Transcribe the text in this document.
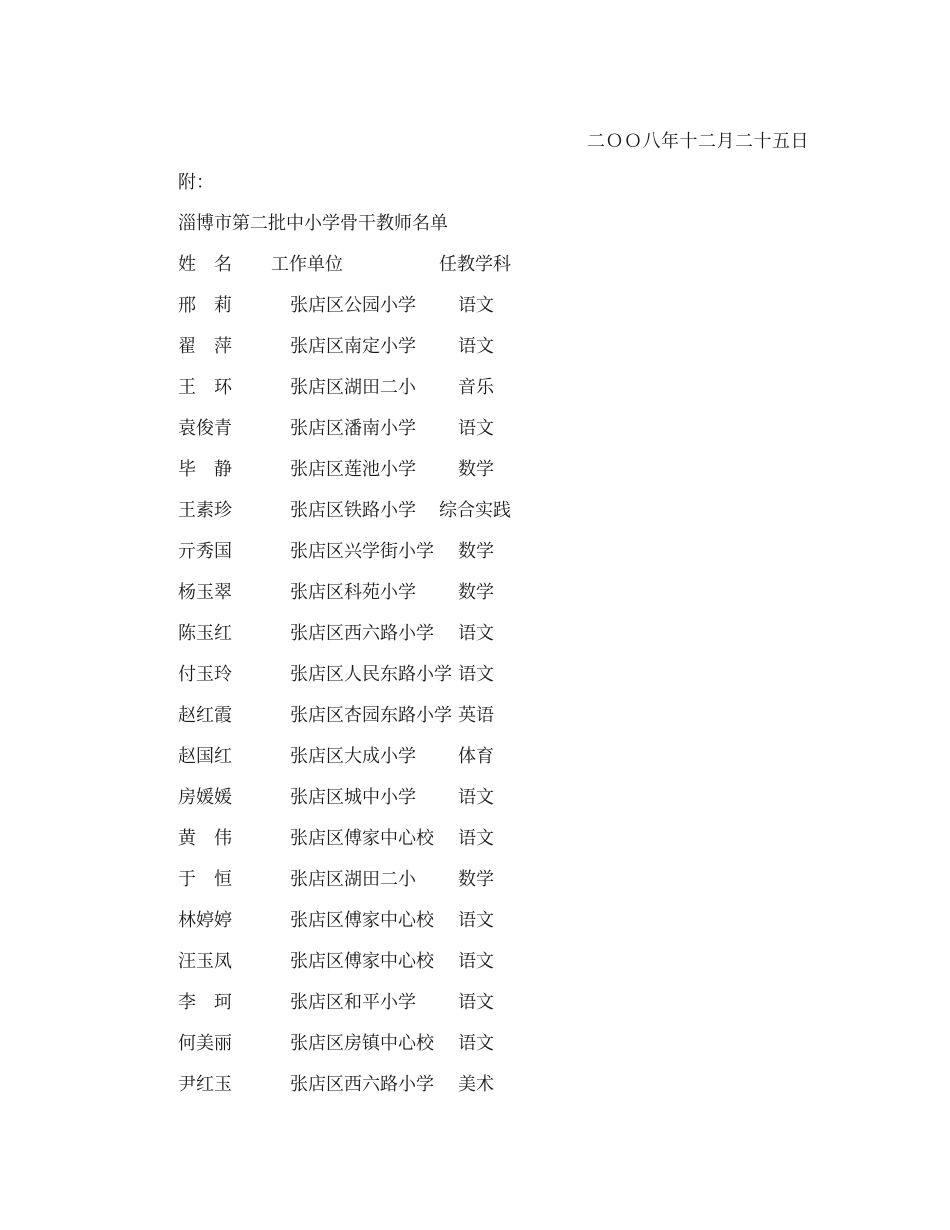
二ＯＯ八年十二月二十五日
附：
淄博市第二批中小学骨干教师名单
姓　名 工作单位	任教学科
邢　莉	张店区公园小学 语文
翟　萍	张店区南定小学 语文
王　环	张店区湖田二小 音乐
袁俊青	张店区潘南小学 语文
毕　静	张店区莲池小学 数学
王素珍	张店区铁路小学 综合实践
亓秀国	张店区兴学街小学 数学
杨玉翠	张店区科苑小学 数学
陈玉红	张店区西六路小学 语文
付玉玲	张店区人民东路小学 语文
赵红霞	张店区杏园东路小学 英语
赵国红	张店区大成小学 体育
房媛媛	张店区城中小学 语文
黄　伟	张店区傅家中心校 语文
于　恒	张店区湖田二小 数学
林婷婷	张店区傅家中心校 语文
汪玉凤	张店区傅家中心校 语文
李　珂	张店区和平小学 语文
何美丽	张店区房镇中心校 语文
尹红玉	张店区西六路小学 美术
